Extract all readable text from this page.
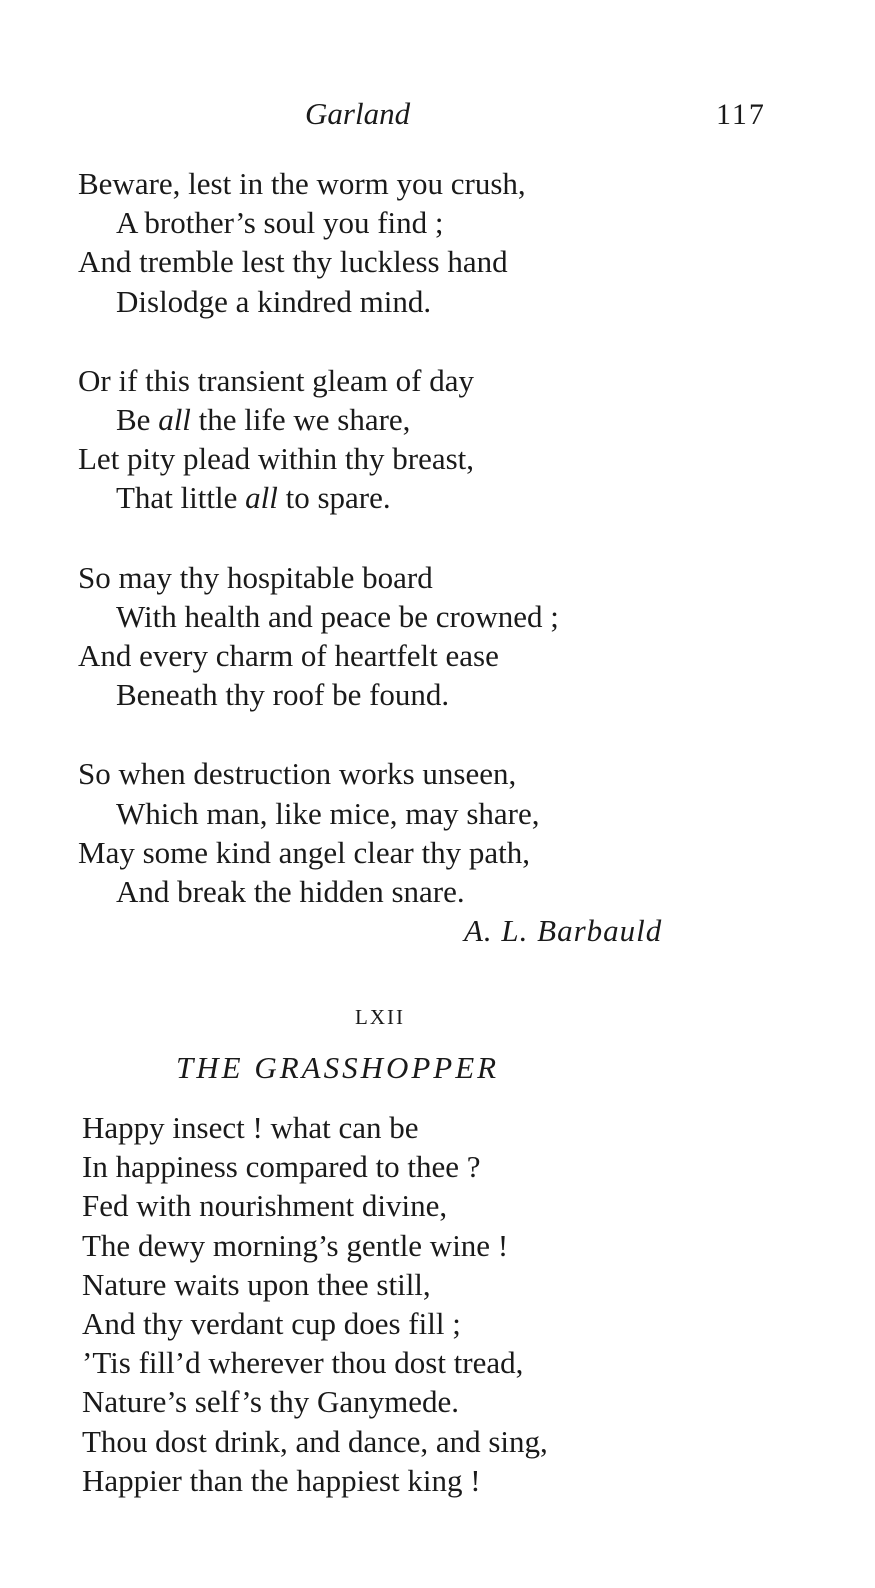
Garland	117
Beware, lest in the worm you crush,
A brother’s soul you find ;
And tremble lest thy luckless hand
Dislodge a kindred mind.
Or if this transient gleam of day
Be all the life we share,
Let pity plead within thy breast,
That little all to spare.
So may thy hospitable board
With health and peace be crowned ;
And every charm of heartfelt ease
Beneath thy roof be found.
So when destruction works unseen,
Which man, like mice, may share,
May some kind angel clear thy path,
And break the hidden snare.
A. L. Barbauld
LXII
THE GRASSHOPPER
Happy insect ! what can be
In happiness compared to thee ?
Fed with nourishment divine,
The dewy morning’s gentle wine !
Nature waits upon thee still,
And thy verdant cup does fill ;
’Tis fill’d wherever thou dost tread,
Nature’s self’s thy Ganymede.
Thou dost drink, and dance, and sing,
Happier than the happiest king !
